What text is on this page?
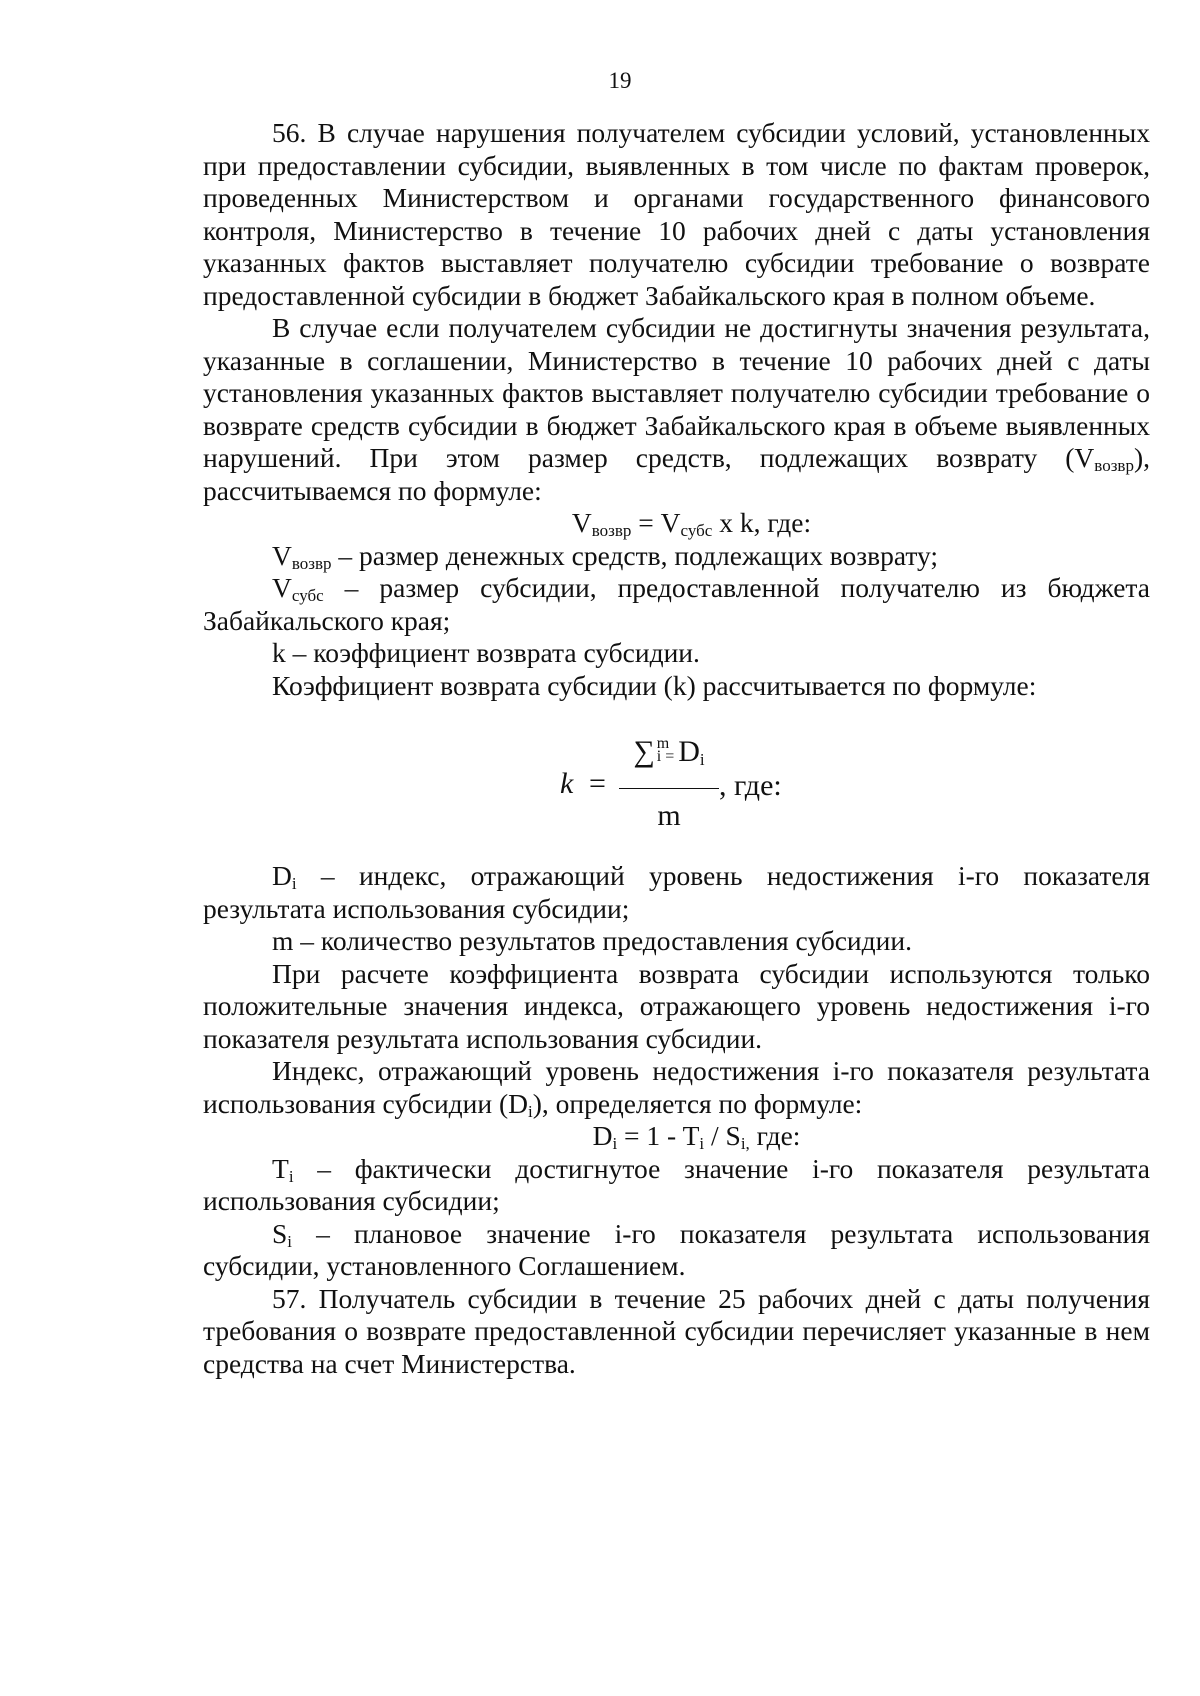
19

56. В случае нарушения получателем субсидии условий, установленных при предоставлении субсидии, выявленных в том числе по фактам проверок, проведенных Министерством и органами государственного финансового контроля, Министерство в течение 10 рабочих дней с даты установления указанных фактов выставляет получателю субсидии требование о возврате предоставленной субсидии в бюджет Забайкальского края в полном объеме.

В случае если получателем субсидии не достигнуты значения результата, указанные в соглашении, Министерство в течение 10 рабочих дней с даты установления указанных фактов выставляет получателю субсидии требование о возврате средств субсидии в бюджет Забайкальского края в объеме выявленных нарушений. При этом размер средств, подлежащих возврату $(V_{возвр})$, рассчитываемся по формуле:

$V_{возвр} = V_{субс}$ x k, где:

$V_{возвр}$ – размер денежных средств, подлежащих возврату;

$V_{субс}$ – размер субсидии, предоставленной получателю из бюджета Забайкальского края;

k – коэффициент возврата субсидии.

Коэффициент возврата субсидии (k) рассчитывается по формуле:

k =
∑ m
$i = D_i$
m
, где:

$D_i$ – индекс, отражающий уровень недостижения i-го показателя результата использования субсидии;

m – количество результатов предоставления субсидии.

При расчете коэффициента возврата субсидии используются только положительные значения индекса, отражающего уровень недостижения i-го показателя результата использования субсидии.

Индекс, отражающий уровень недостижения i-го показателя результата использования субсидии $(D_i)$, определяется по формуле:

$D_i = 1 - T_i / S_{i,}$ где:

$T_i$ – фактически достигнутое значение i-го показателя результата использования субсидии;

$S_i$ – плановое значение i-го показателя результата использования субсидии, установленного Соглашением.

57. Получатель субсидии в течение 25 рабочих дней с даты получения требования о возврате предоставленной субсидии перечисляет указанные в нем средства на счет Министерства.
